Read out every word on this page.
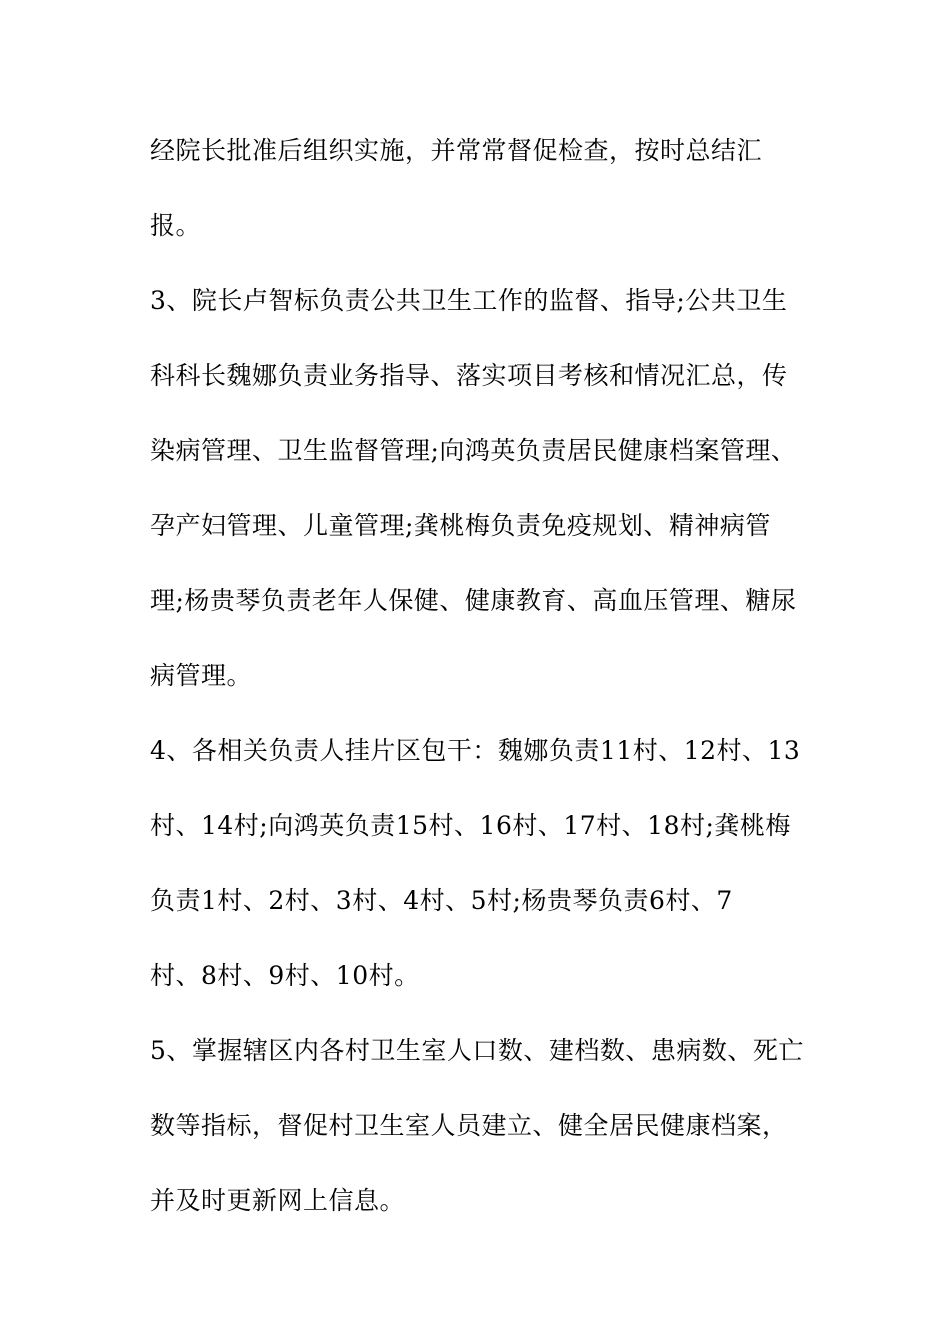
经院长批准后组织实施，并常常督促检查，按时总结汇

报。

3、院长卢智标负责公共卫生工作的监督、指导;公共卫生

科科长魏娜负责业务指导、落实项目考核和情况汇总，传

染病管理、卫生监督管理;向鸿英负责居民健康档案管理、

孕产妇管理、儿童管理;龚桃梅负责免疫规划、精神病管

理;杨贵琴负责老年人保健、健康教育、高血压管理、糖尿

病管理。

4、各相关负责人挂片区包干：魏娜负责11村、12村、13

村、14村;向鸿英负责15村、16村、17村、18村;龚桃梅

负责1村、2村、3村、4村、5村;杨贵琴负责6村、7

村、8村、9村、10村。

5、掌握辖区内各村卫生室人口数、建档数、患病数、死亡

数等指标，督促村卫生室人员建立、健全居民健康档案，

并及时更新网上信息。
